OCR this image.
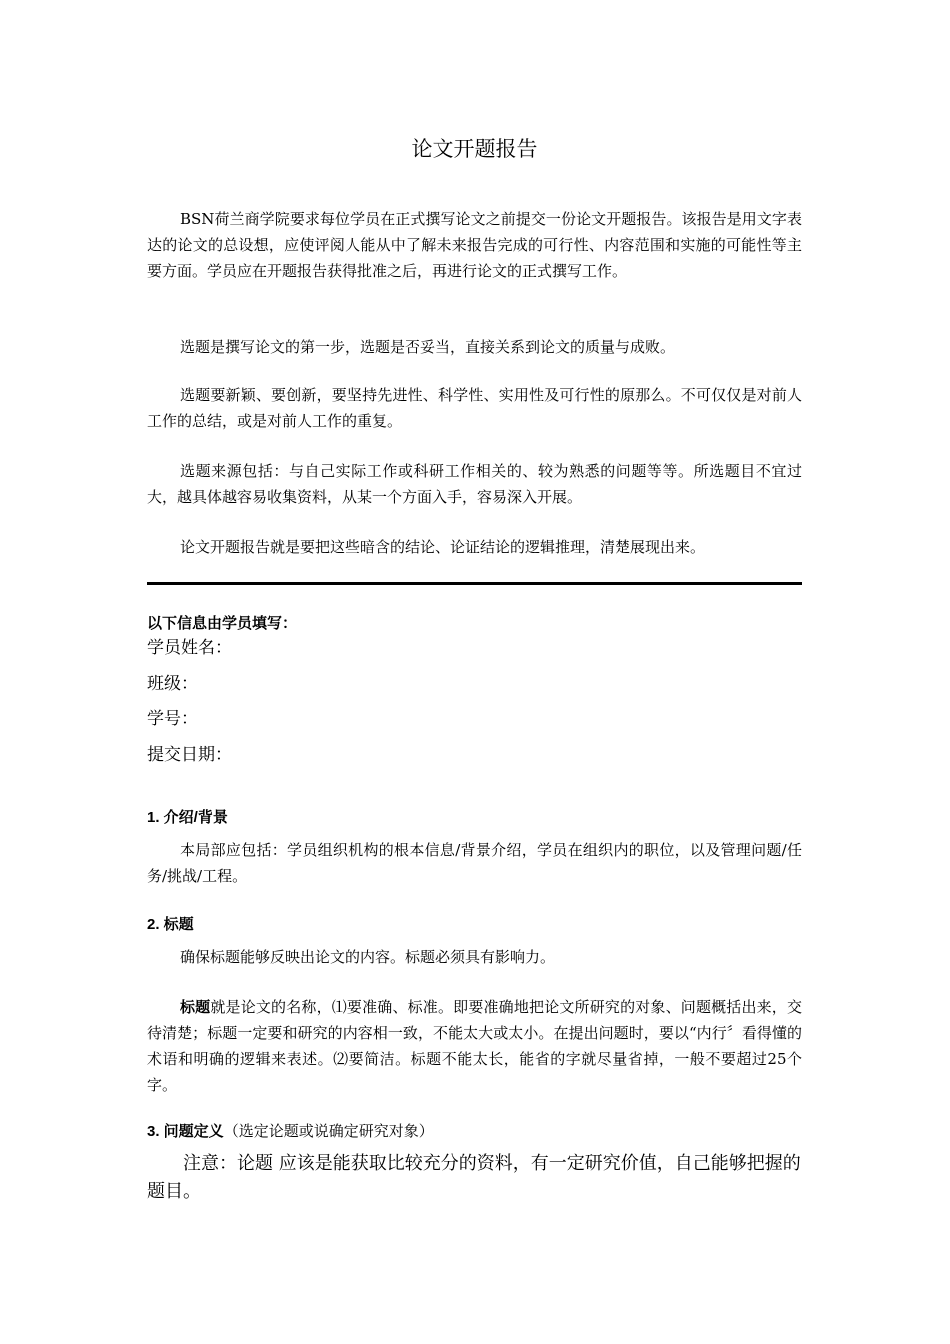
论文开题报告

BSN荷兰商学院要求每位学员在正式撰写论文之前提交一份论文开题报告。该报告是用文字表达的论文的总设想，应使评阅人能从中了解未来报告完成的可行性、内容范围和实施的可能性等主要方面。学员应在开题报告获得批准之后，再进行论文的正式撰写工作。

选题是撰写论文的第一步，选题是否妥当，直接关系到论文的质量与成败。

选题要新颖、要创新，要坚持先进性、科学性、实用性及可行性的原那么。不可仅仅是对前人工作的总结，或是对前人工作的重复。

选题来源包括：与自己实际工作或科研工作相关的、较为熟悉的问题等等。所选题目不宜过大，越具体越容易收集资料，从某一个方面入手，容易深入开展。

论文开题报告就是要把这些暗含的结论、论证结论的逻辑推理，清楚展现出来。

以下信息由学员填写：
学员姓名：
班级：
学号：
提交日期：
1. 介绍/背景

本局部应包括：学员组织机构的根本信息/背景介绍，学员在组织内的职位，以及管理问题/任务/挑战/工程。

2. 标题

确保标题能够反映出论文的内容。标题必须具有影响力。

标题就是论文的名称，⑴要准确、标准。即要准确地把论文所研究的对象、问题概括出来，交待清楚；标题一定要和研究的内容相一致，不能太大或太小。在提出问题时，要以“内行〞看得懂的术语和明确的逻辑来表述。⑵要简洁。标题不能太长，能省的字就尽量省掉，一般不要超过25个字。

3. 问题定义（选定论题或说确定研究对象）

注意：论题 应该是能获取比较充分的资料，有一定研究价值，自己能够把握的题目。
